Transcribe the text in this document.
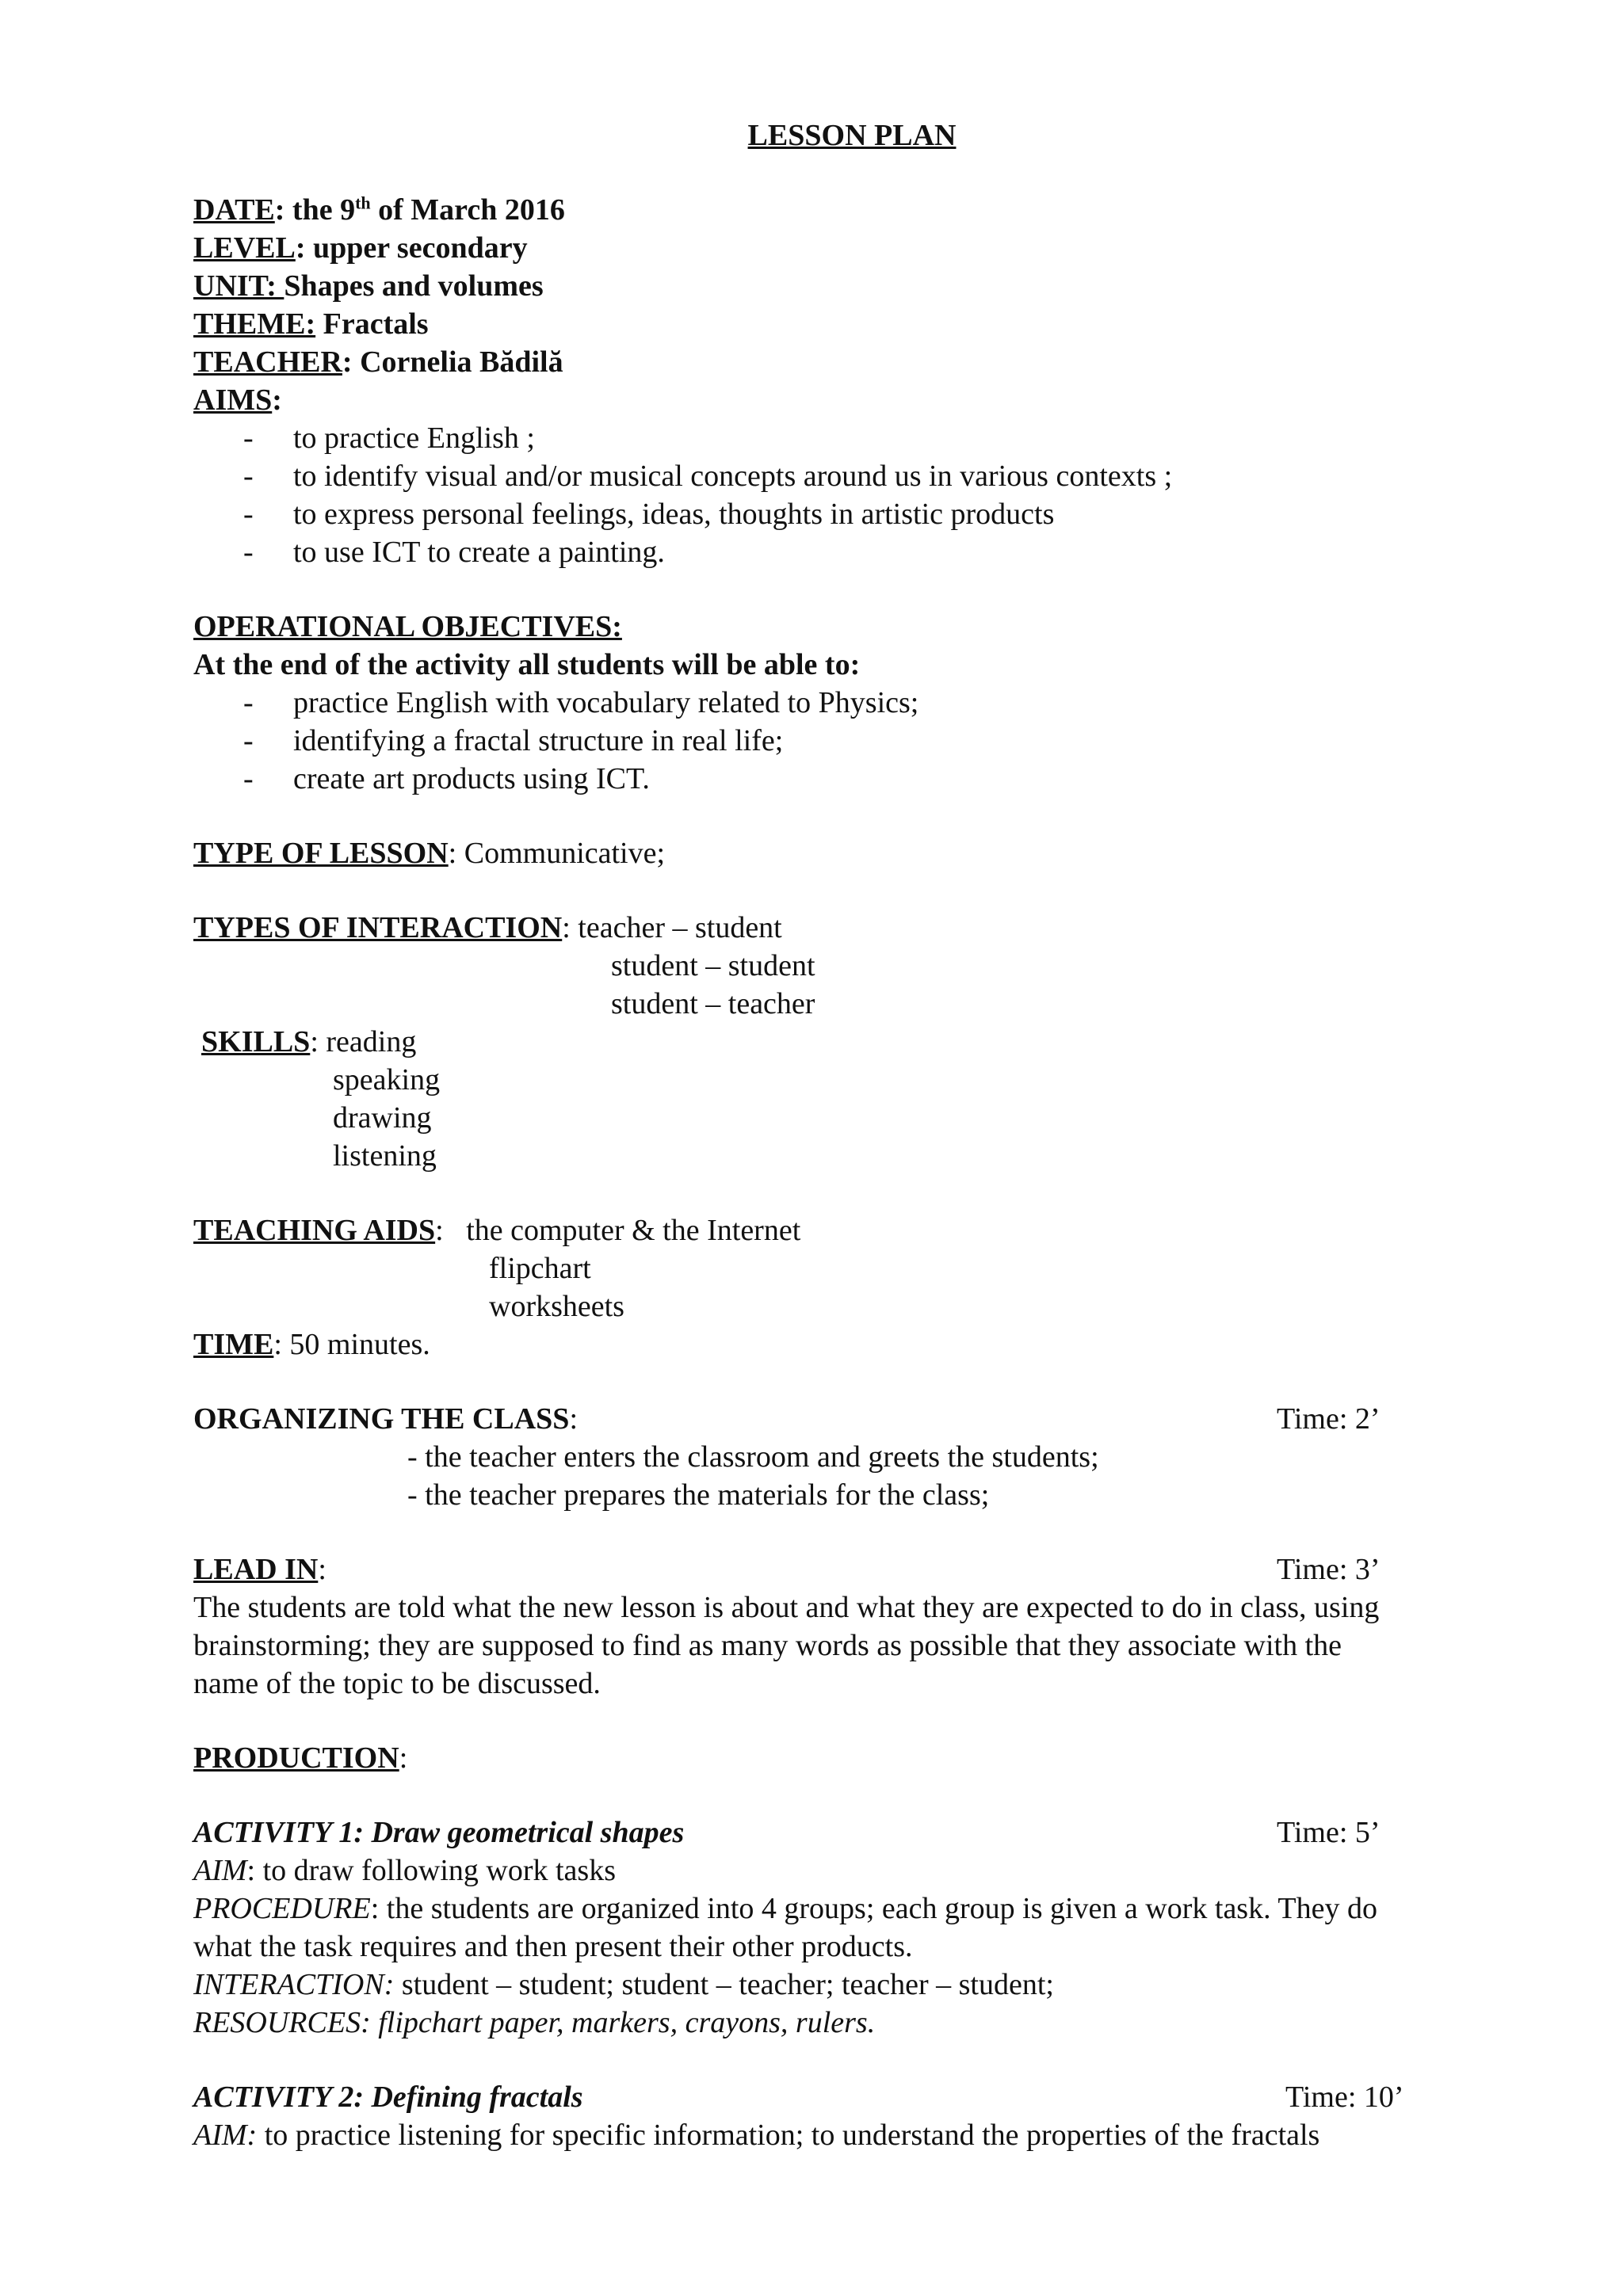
LESSON PLAN
DATE: the 9th of March 2016
LEVEL: upper secondary
UNIT: Shapes and volumes
THEME: Fractals
TEACHER: Cornelia Bădilă
AIMS:
- to practice English ;
- to identify visual and/or musical concepts around us in various contexts ;
- to express personal feelings, ideas, thoughts in artistic products
- to use ICT to create a painting.
OPERATIONAL OBJECTIVES:
At the end of the activity all students will be able to:
- practice English with vocabulary related to Physics;
- identifying a fractal structure in real life;
- create art products using ICT.
TYPE OF LESSON: Communicative;
TYPES OF INTERACTION: teacher – student
student – student
student – teacher
SKILLS: reading
speaking
drawing
listening
TEACHING AIDS:   the computer & the Internet
flipchart
worksheets
TIME: 50 minutes.
ORGANIZING THE CLASS:	Time: 2’
- the teacher enters the classroom and greets the students;
- the teacher prepares the materials for the class;
LEAD IN:	Time: 3’
The students are told what the new lesson is about and what they are expected to do in class, using
brainstorming; they are supposed to find as many words as possible that they associate with the
name of the topic to be discussed.
PRODUCTION:
ACTIVITY 1: Draw geometrical shapes	Time: 5’
AIM: to draw following work tasks
PROCEDURE: the students are organized into 4 groups; each group is given a work task. They do
what the task requires and then present their other products.
INTERACTION: student – student; student – teacher; teacher – student;
RESOURCES: flipchart paper, markers, crayons, rulers.
ACTIVITY 2: Defining fractals	Time: 10’
AIM: to practice listening for specific information; to understand the properties of the fractals
